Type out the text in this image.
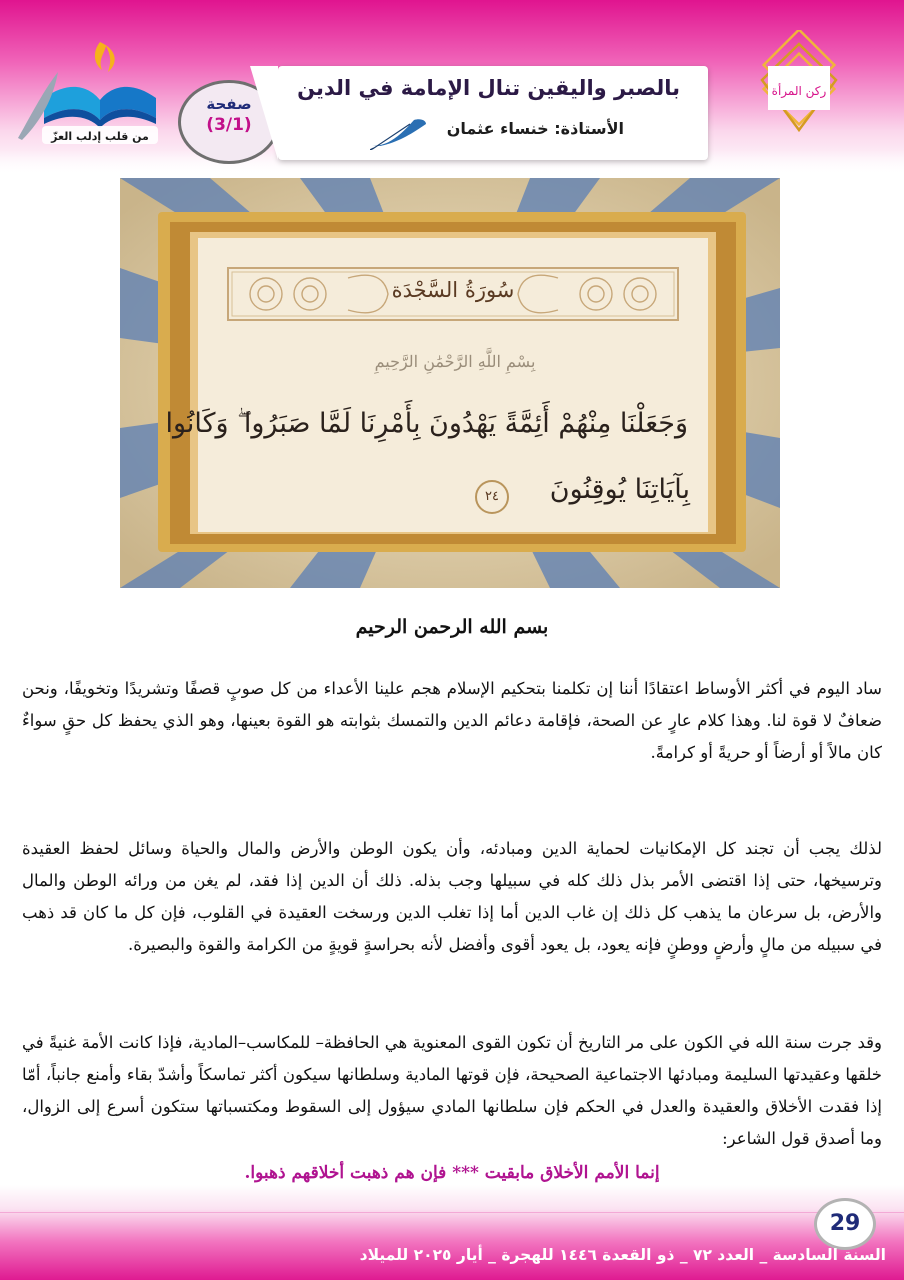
من قلب إدلب العزّ
ركن المرأة
صفحة
(3/1)
بالصبر واليقين تنال الإمامة في الدين
الأستاذة: خنساء عثمان
سُورَةُ السَّجْدَة
بِسْمِ اللَّهِ الرَّحْمَٰنِ الرَّحِيمِ
وَجَعَلْنَا مِنْهُمْ أَئِمَّةً يَهْدُونَ بِأَمْرِنَا لَمَّا صَبَرُوا ۖ وَكَانُوا
بِآيَاتِنَا يُوقِنُونَ
٢٤
بسم الله الرحمن الرحيم
ساد اليوم في أكثر الأوساط اعتقادًا أننا إن تكلمنا بتحكيم الإسلام هجم علينا الأعداء من كل صوبٍ قصفًا وتشريدًا وتخويفًا، ونحن ضعافٌ لا قوة لنا. وهذا كلام عارٍ عن الصحة، فإقامة دعائم الدين والتمسك بثوابته هو القوة بعينها، وهو الذي يحفظ كل حقٍ سواءٌ كان مالاً أو أرضاً أو حريةً أو كرامةً.
لذلك يجب أن تجند كل الإمكانيات لحماية الدين ومبادئه، وأن يكون الوطن والأرض والمال والحياة وسائل لحفظ العقيدة وترسيخها، حتى إذا اقتضى الأمر بذل ذلك كله في سبيلها وجب بذله. ذلك أن الدين إذا فقد، لم يغن من ورائه الوطن والمال والأرض، بل سرعان ما يذهب كل ذلك إن غاب الدين أما إذا تغلب الدين ورسخت العقيدة في القلوب، فإن كل ما كان قد ذهب في سبيله من مالٍ وأرضٍ ووطنٍ فإنه يعود، بل يعود أقوى وأفضل لأنه بحراسةٍ قويةٍ من الكرامة والقوة والبصيرة.
وقد جرت سنة الله في الكون على مر التاريخ أن تكون القوى المعنوية هي الحافظة– للمكاسب–المادية، فإذا كانت الأمة غنيةً في خلقها وعقيدتها السليمة ومبادئها الاجتماعية الصحيحة، فإن قوتها المادية وسلطانها سيكون أكثر تماسكاً وأشدّ بقاء وأمنع جانباً، أمّا إذا فقدت الأخلاق والعقيدة والعدل في الحكم فإن سلطانها المادي سيؤول إلى السقوط ومكتسباتها ستكون أسرع إلى الزوال، وما أصدق قول الشاعر:
إنما الأمم الأخلاق مابقيت *** فإن هم ذهبت أخلاقهم ذهبوا.
29
السنة السادسة _ العدد ٧٢ _ ذو القعدة ١٤٤٦ للهجرة _ أيار ٢٠٢٥ للميلاد
